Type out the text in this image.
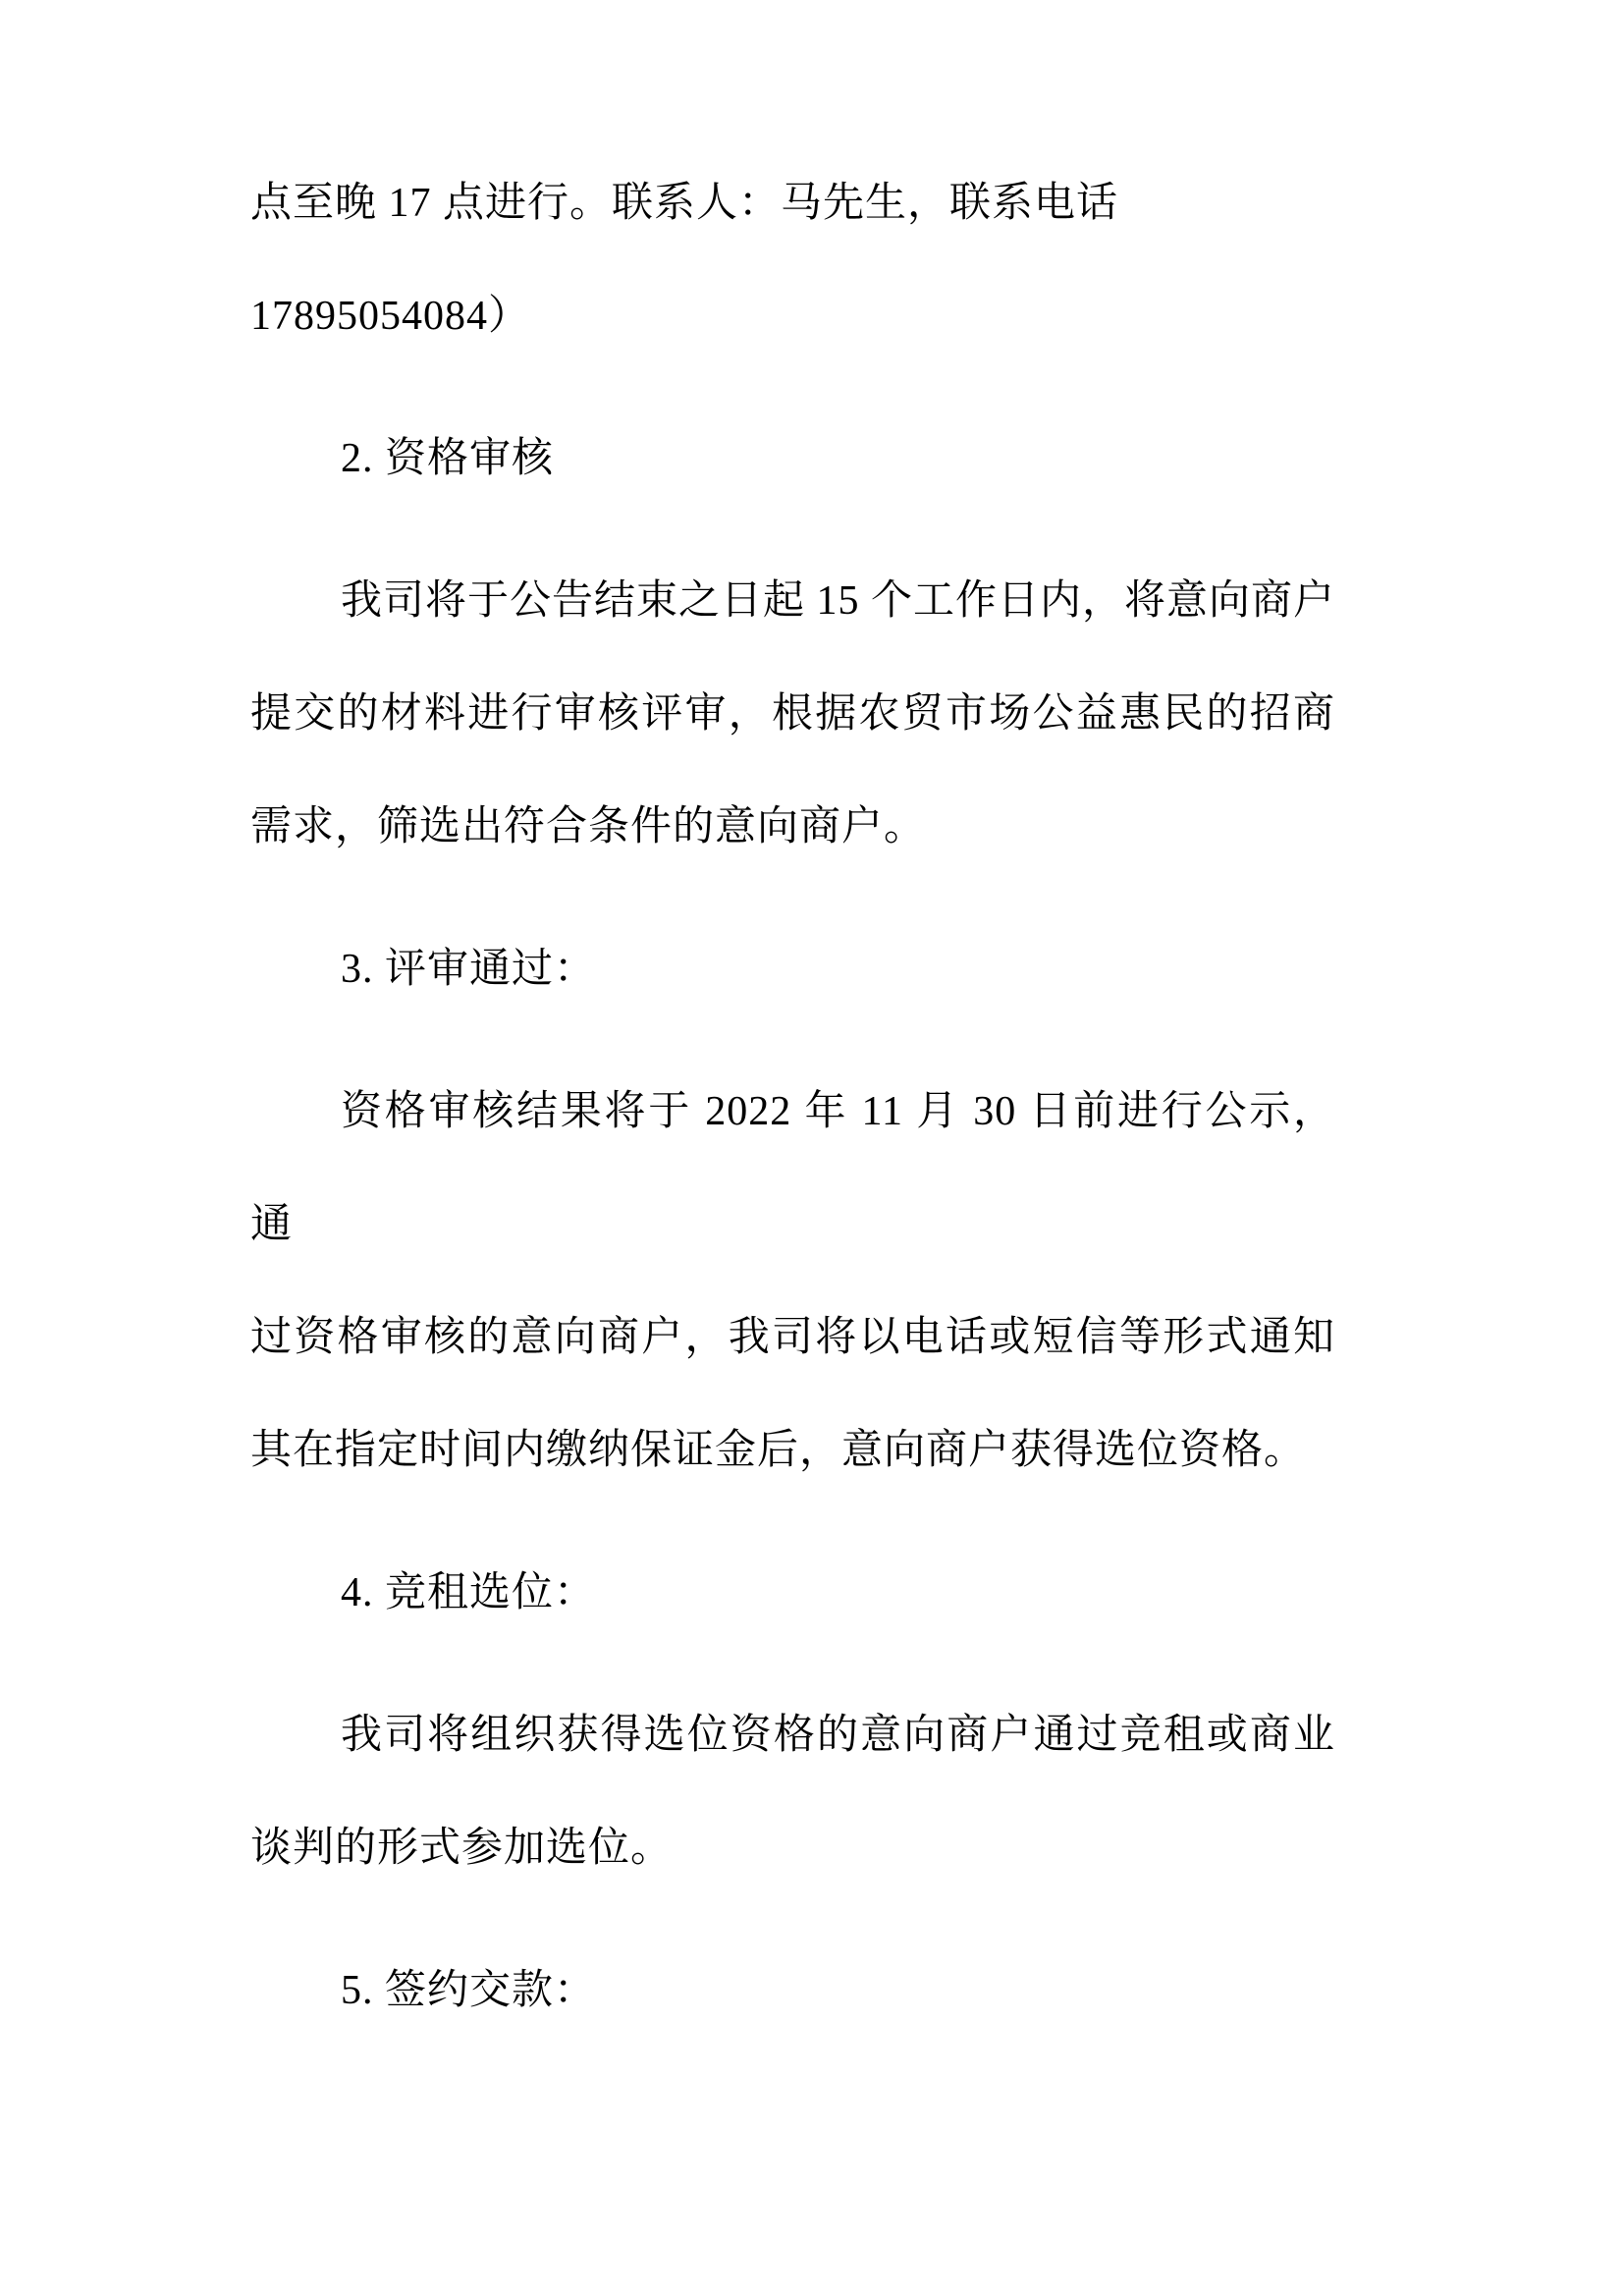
点至晚 17 点进行。联系人：马先生，联系电话
17895054084）
2. 资格审核
我司将于公告结束之日起 15 个工作日内，将意向商户
提交的材料进行审核评审，根据农贸市场公益惠民的招商
需求，筛选出符合条件的意向商户。
3. 评审通过：
资格审核结果将于 2022 年 11 月 30 日前进行公示，通
过资格审核的意向商户，我司将以电话或短信等形式通知
其在指定时间内缴纳保证金后，意向商户获得选位资格。
4. 竞租选位：
我司将组织获得选位资格的意向商户通过竞租或商业
谈判的形式参加选位。
5. 签约交款：
